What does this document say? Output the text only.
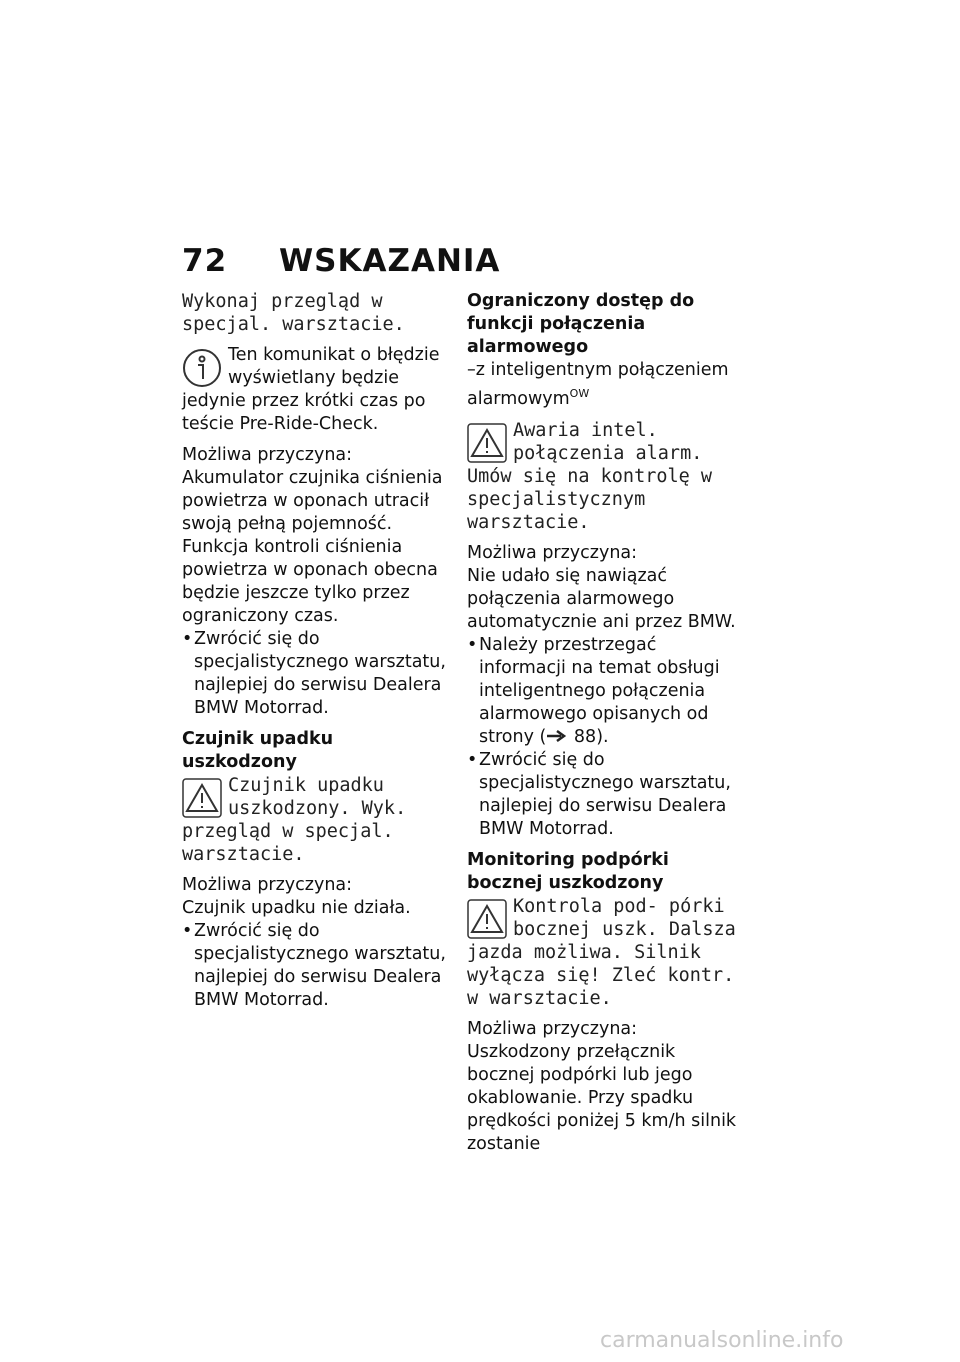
72 WSKAZANIA
Wykonaj przegląd w specjal. warsztacie.
Ten komunikat o błędzie wyświetlany będzie jedynie przez krótki czas po teście Pre-Ride-Check.
Możliwa przyczyna:
Akumulator czujnika ciśnienia powietrza w oponach utracił swoją pełną pojemność. Funkcja kontroli ciśnienia powietrza w oponach obecna będzie jeszcze tylko przez ograniczony czas.
• Zwrócić się do specjalistycznego warsztatu, najlepiej do serwisu Dealera BMW Motorrad.
Czujnik upadku uszkodzony
Czujnik upadku uszkodzony. Wyk. przegląd w specjal. warsztacie.
Możliwa przyczyna:
Czujnik upadku nie działa.
• Zwrócić się do specjalistycznego warsztatu, najlepiej do serwisu Dealera BMW Motorrad.
Ograniczony dostęp do funkcji połączenia alarmowego
–z inteligentnym połączeniem alarmowym$^{OW}$
Awaria intel. połączenia alarm. Umów się na kontrolę w specjalistycznym warsztacie.
Możliwa przyczyna:
Nie udało się nawiązać połączenia alarmowego automatycznie ani przez BMW.
• Należy przestrzegać informacji na temat obsługi inteligentnego połączenia alarmowego opisanych od strony ( 88).
• Zwrócić się do specjalistycznego warsztatu, najlepiej do serwisu Dealera BMW Motorrad.
Monitoring podpórki bocznej uszkodzony
Kontrola pod- pórki bocznej uszk. Dalsza jazda możliwa. Silnik wyłącza się! Zleć kontr. w warsztacie.
Możliwa przyczyna:
Uszkodzony przełącznik bocznej podpórki lub jego okablowanie. Przy spadku prędkości poniżej 5 km/h silnik zostanie
carmanualsonline.info
